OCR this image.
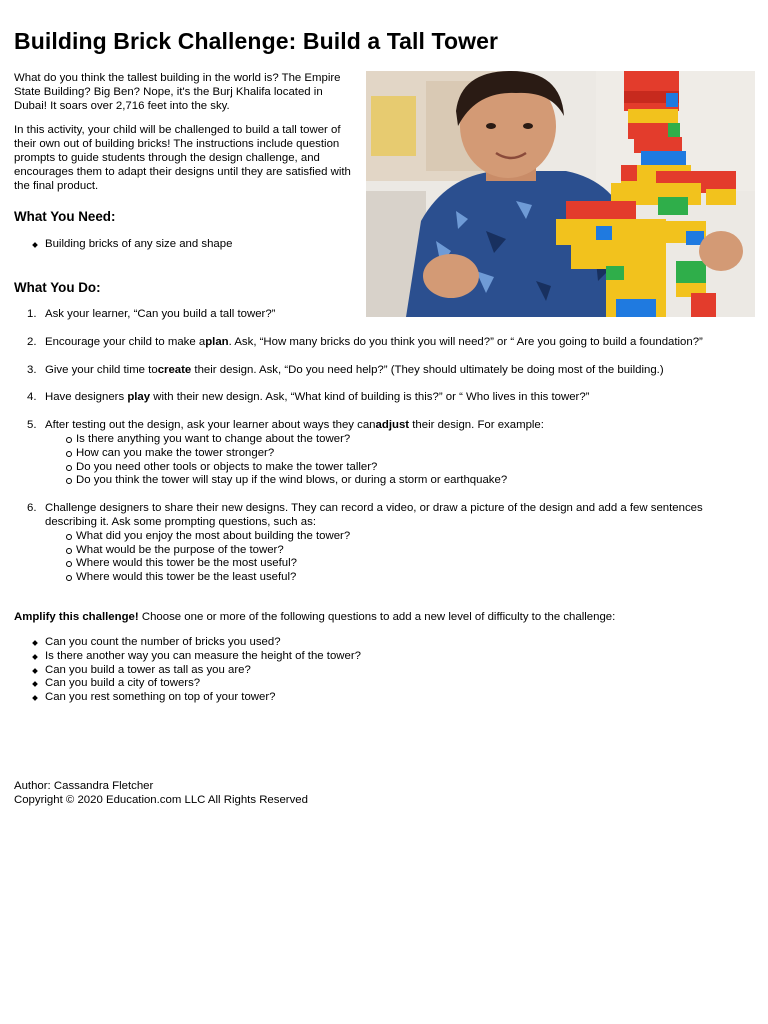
Building Brick Challenge: Build a Tall Tower

What do you think the tallest building in the world is? The Empire State Building? Big Ben? Nope, it's the Burj Khalifa located in Dubai! It soars over 2,716 feet into the sky.

In this activity, your child will be challenged to build a tall tower of their own out of building bricks! The instructions include question prompts to guide students through the design challenge, and encourages them to adapt their designs until they are satisfied with the final product.

What You Need:
Building bricks of any size and shape
What You Do:
1. Ask your learner, “Can you build a tall tower?”
2. Encourage your child to make aplan. Ask, “How many bricks do you think you will need?” or “ Are you going to build a foundation?”
3. Give your child time tocreate their design. Ask, “Do you need help?” (They should ultimately be doing most of the building.)
4. Have designers play with their new design. Ask, “What kind of building is this?” or “ Who lives in this tower?”
5. After testing out the design, ask your learner about ways they canadjust their design. For example:
Is there anything you want to change about the tower?
How can you make the tower stronger?
Do you need other tools or objects to make the tower taller?
Do you think the tower will stay up if the wind blows, or during a storm or earthquake?
6. Challenge designers to share their new designs. They can record a video, or draw a picture of the design and add a few sentences describing it. Ask some prompting questions, such as:
What did you enjoy the most about building the tower?
What would be the purpose of the tower?
Where would this tower be the most useful?
Where would this tower be the least useful?
Amplify this challenge! Choose one or more of the following questions to add a new level of difficulty to the challenge:
Can you count the number of bricks you used?
Is there another way you can measure the height of the tower?
Can you build a tower as tall as you are?
Can you build a city of towers?
Can you rest something on top of your tower?
Author: Cassandra Fletcher
Copyright © 2020 Education.com LLC All Rights Reserved
